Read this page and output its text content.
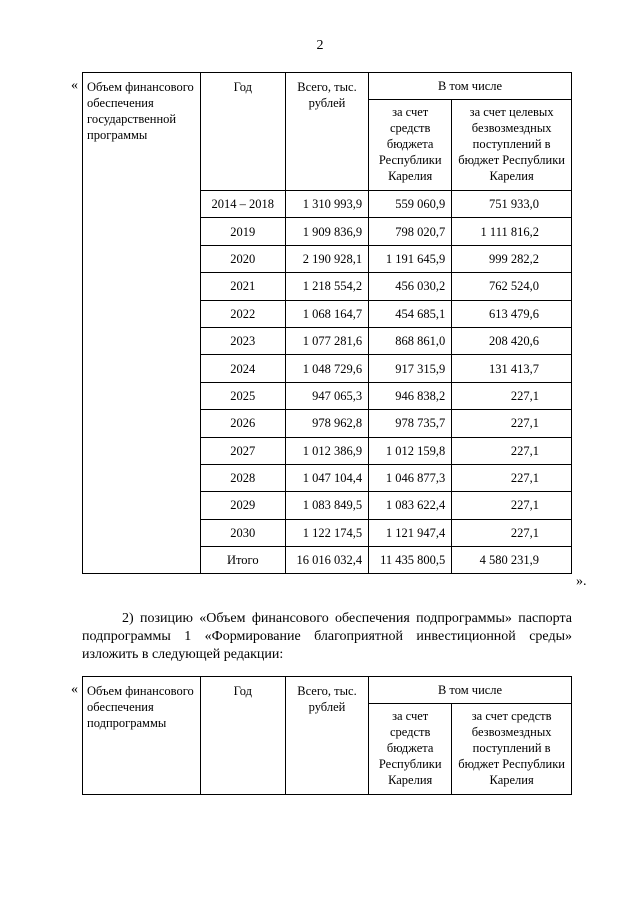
2
«
».
Объем финансового обеспечения государственной программы	Год	Всего, тыс. рублей	В том числе	
			за счет средств бюджета Республики Карелия	за счет целевых безвозмездных поступлений в бюджет Республики Карелия
	2014 – 2018	1 310 993,9	559 060,9	751 933,0
	2019	1 909 836,9	798 020,7	1 111 816,2
	2020	2 190 928,1	1 191 645,9	999 282,2
	2021	1 218 554,2	456 030,2	762 524,0
	2022	1 068 164,7	454 685,1	613 479,6
	2023	1 077 281,6	868 861,0	208 420,6
	2024	1 048 729,6	917 315,9	131 413,7
	2025	947 065,3	946 838,2	227,1
	2026	978 962,8	978 735,7	227,1
	2027	1 012 386,9	1 012 159,8	227,1
	2028	1 047 104,4	1 046 877,3	227,1
	2029	1 083 849,5	1 083 622,4	227,1
	2030	1 122 174,5	1 121 947,4	227,1
	Итого	16 016 032,4	11 435 800,5	4 580 231,9
2) позицию «Объем финансового обеспечения подпрограммы» паспорта подпрограммы 1 «Формирование благоприятной инвестиционной среды» изложить в следующей редакции:
« Объем финансового обеспечения подпрограммы	Год	Всего, тыс. рублей	В том числе	
			за счет средств бюджета Республики Карелия	за счет средств безвозмездных поступлений в бюджет Республики Карелия
